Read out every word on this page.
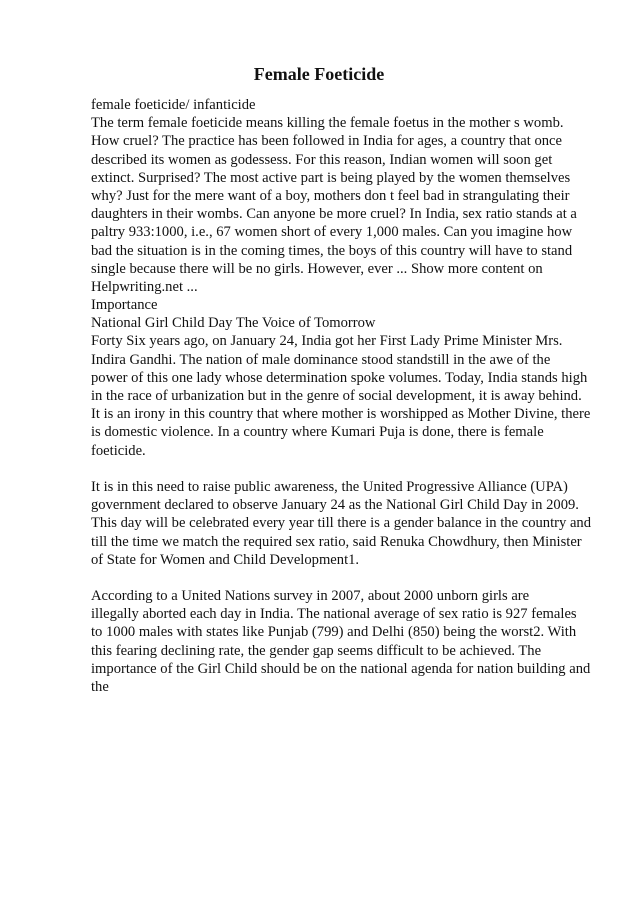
Female Foeticide
female foeticide/ infanticide
The term female foeticide means killing the female foetus in the mother s womb.
How cruel? The practice has been followed in India for ages, a country that once
described its women as godessess. For this reason, Indian women will soon get
extinct. Surprised? The most active part is being played by the women themselves
why? Just for the mere want of a boy, mothers don t feel bad in strangulating their
daughters in their wombs. Can anyone be more cruel? In India, sex ratio stands at a
paltry 933:1000, i.e., 67 women short of every 1,000 males. Can you imagine how
bad the situation is in the coming times, the boys of this country will have to stand
single because there will be no girls. However, ever ... Show more content on
Helpwriting.net ...
Importance
National Girl Child Day The Voice of Tomorrow
Forty Six years ago, on January 24, India got her First Lady Prime Minister Mrs.
Indira Gandhi. The nation of male dominance stood standstill in the awe of the
power of this one lady whose determination spoke volumes. Today, India stands high
in the race of urbanization but in the genre of social development, it is away behind.
It is an irony in this country that where mother is worshipped as Mother Divine, there
is domestic violence. In a country where Kumari Puja is done, there is female
foeticide.
It is in this need to raise public awareness, the United Progressive Alliance (UPA)
government declared to observe January 24 as the National Girl Child Day in 2009.
This day will be celebrated every year till there is a gender balance in the country and
till the time we match the required sex ratio, said Renuka Chowdhury, then Minister
of State for Women and Child Development1.
According to a United Nations survey in 2007, about 2000 unborn girls are
illegally aborted each day in India. The national average of sex ratio is 927 females
to 1000 males with states like Punjab (799) and Delhi (850) being the worst2. With
this fearing declining rate, the gender gap seems difficult to be achieved. The
importance of the Girl Child should be on the national agenda for nation building and
the
